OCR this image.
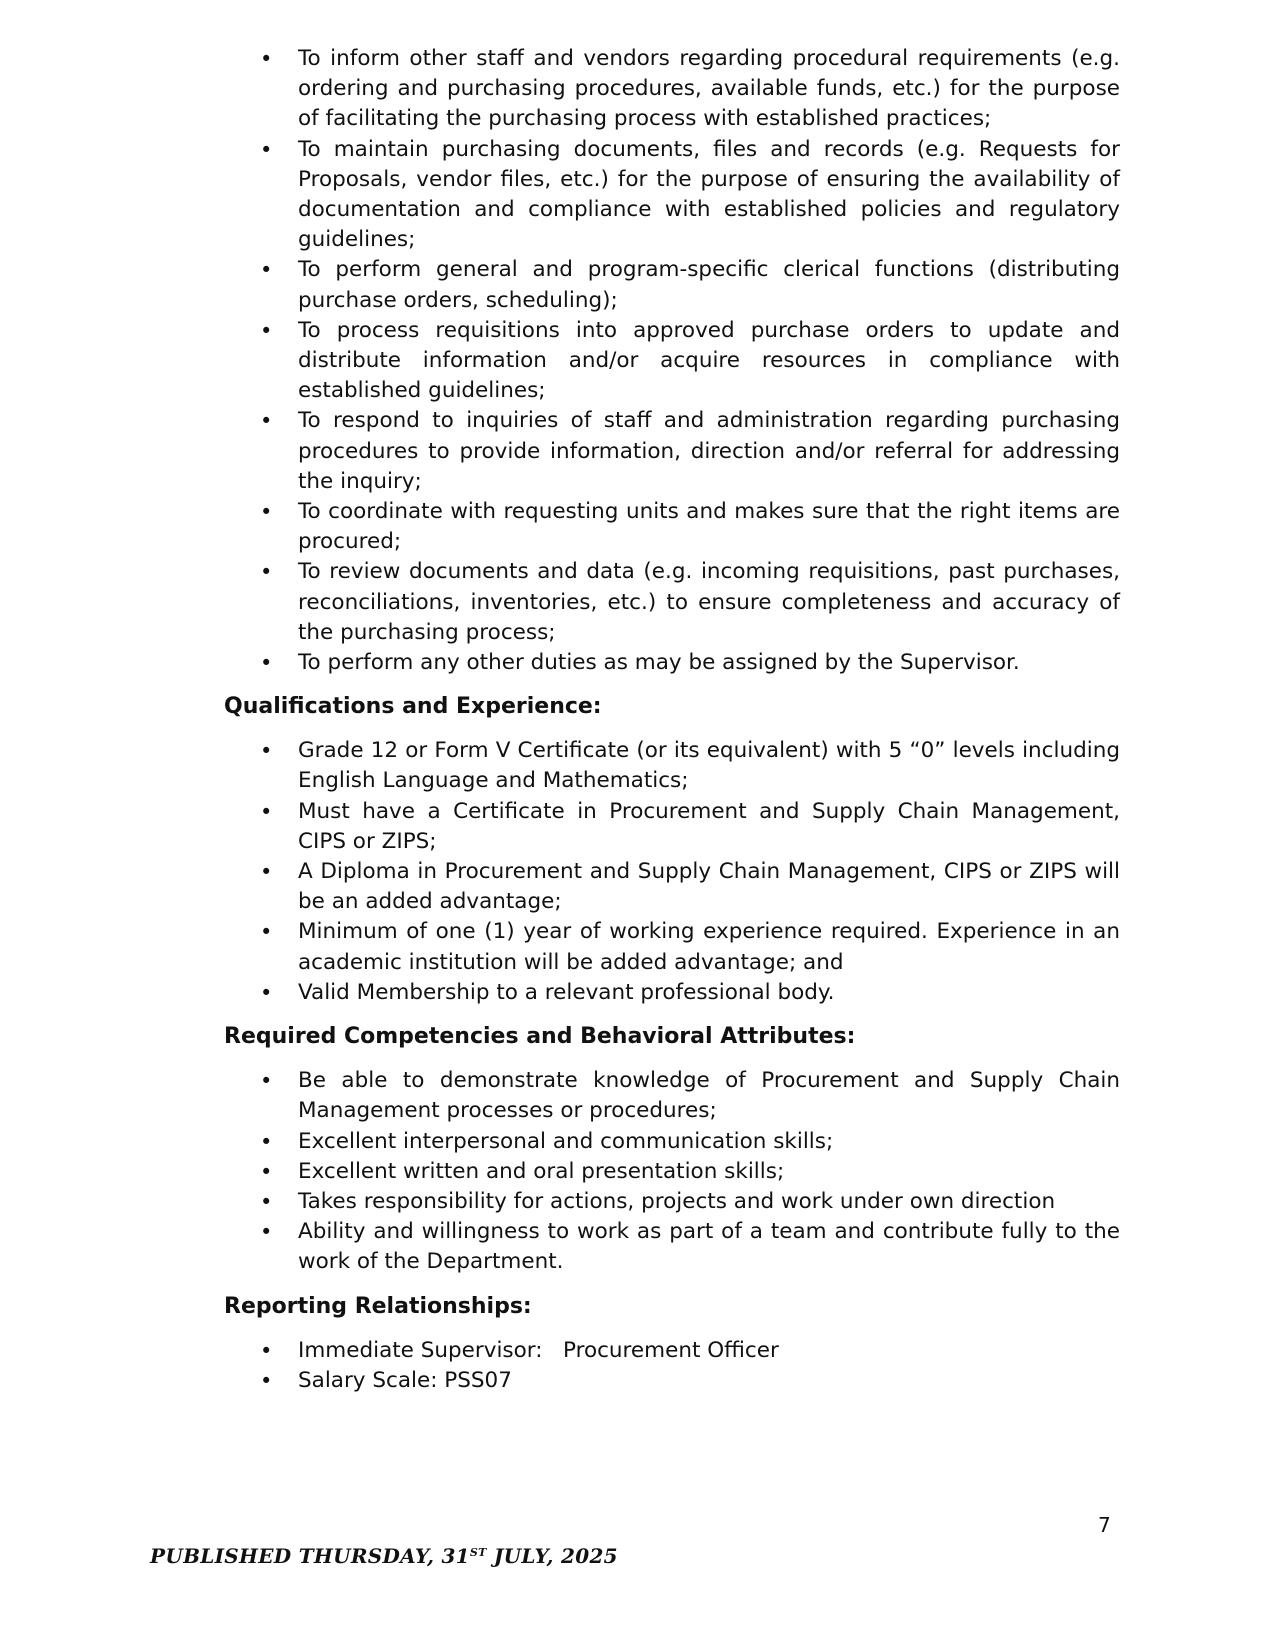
• To inform other staff and vendors regarding procedural requirements (e.g. ordering and purchasing procedures, available funds, etc.) for the purpose of facilitating the purchasing process with established practices;
• To maintain purchasing documents, files and records (e.g. Requests for Proposals, vendor files, etc.) for the purpose of ensuring the availability of documentation and compliance with established policies and regulatory guidelines;
• To perform general and program-specific clerical functions (distributing purchase orders, scheduling);
• To process requisitions into approved purchase orders to update and distribute information and/or acquire resources in compliance with established guidelines;
• To respond to inquiries of staff and administration regarding purchasing procedures to provide information, direction and/or referral for addressing the inquiry;
• To coordinate with requesting units and makes sure that the right items are procured;
• To review documents and data (e.g. incoming requisitions, past purchases, reconciliations, inventories, etc.) to ensure completeness and accuracy of the purchasing process;
• To perform any other duties as may be assigned by the Supervisor.
Qualifications and Experience:
• Grade 12 or Form V Certificate (or its equivalent) with 5 “0” levels including English Language and Mathematics;
• Must have a Certificate in Procurement and Supply Chain Management, CIPS or ZIPS;
• A Diploma in Procurement and Supply Chain Management, CIPS or ZIPS will be an added advantage;
• Minimum of one (1) year of working experience required. Experience in an academic institution will be added advantage; and
• Valid Membership to a relevant professional body.
Required Competencies and Behavioral Attributes:
• Be able to demonstrate knowledge of Procurement and Supply Chain Management processes or procedures;
• Excellent interpersonal and communication skills;
• Excellent written and oral presentation skills;
• Takes responsibility for actions, projects and work under own direction
• Ability and willingness to work as part of a team and contribute fully to the work of the Department.
Reporting Relationships:
• Immediate Supervisor:   Procurement Officer
• Salary Scale: PSS07
7
PUBLISHED THURSDAY, 31ST JULY, 2025
